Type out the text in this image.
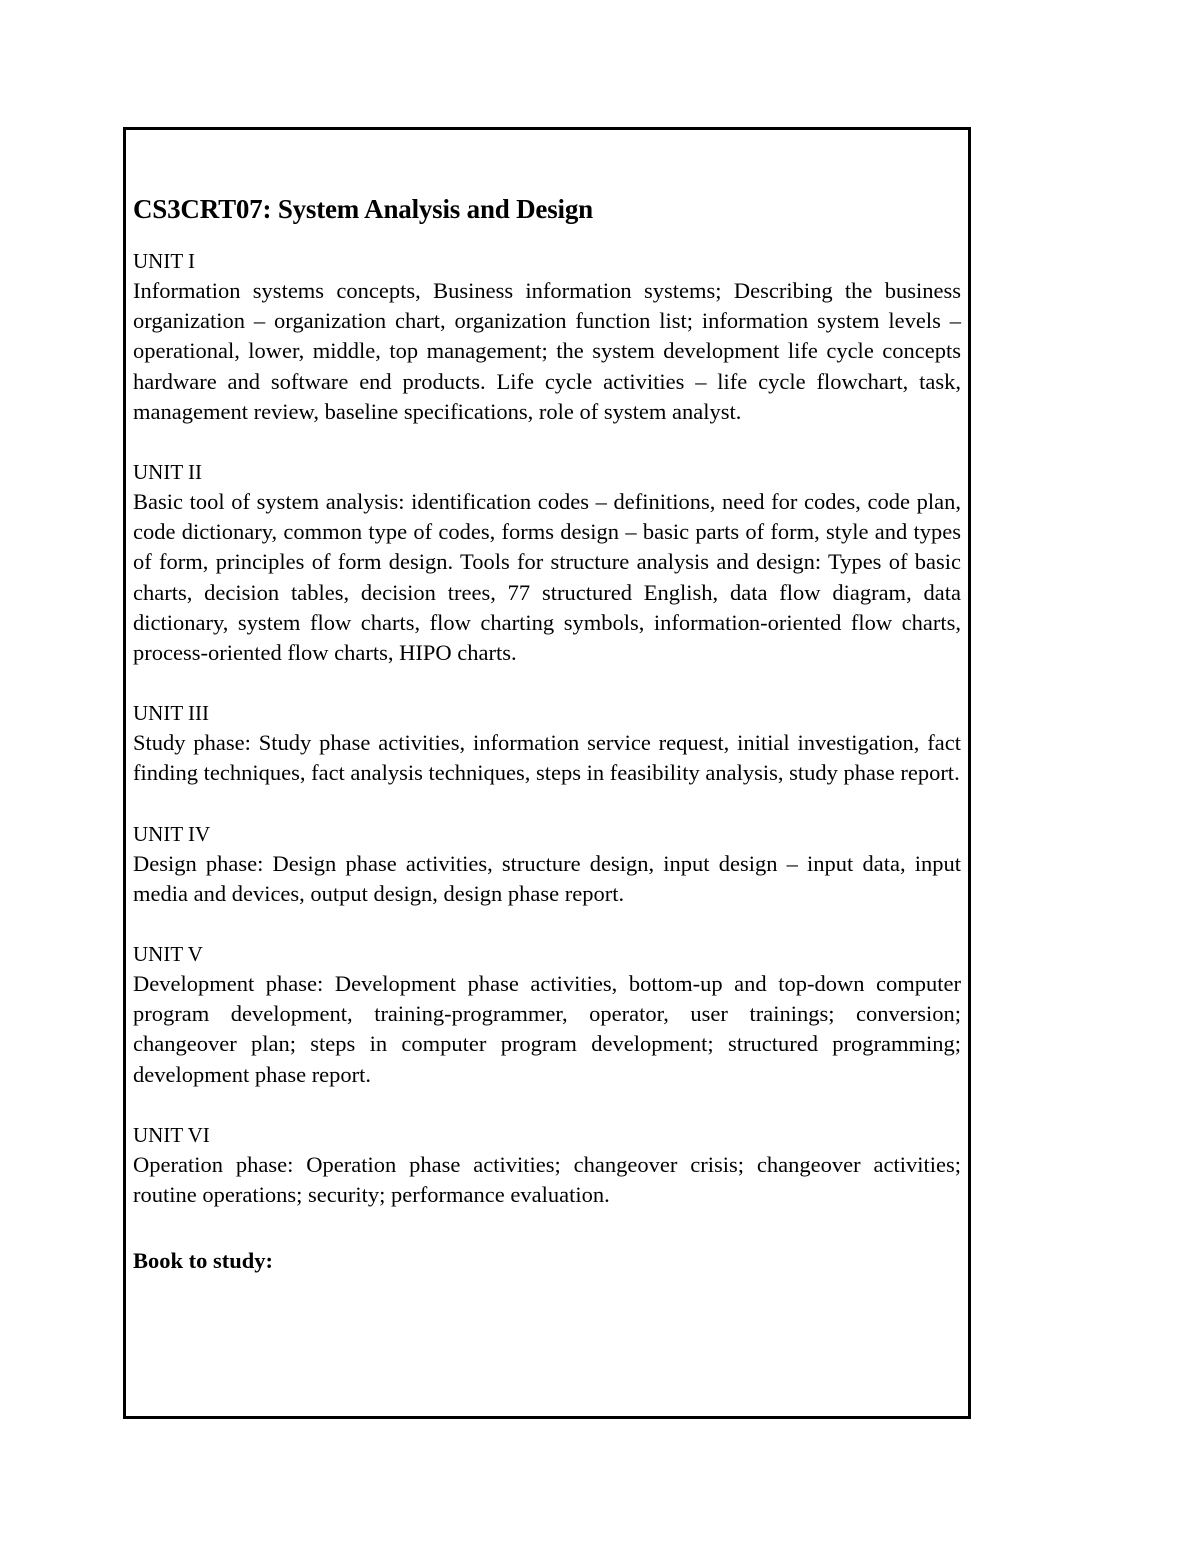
CS3CRT07: System Analysis and Design

UNIT I

Information systems concepts, Business information systems; Describing the business organization – organization chart, organization function list; information system levels – operational, lower, middle, top management; the system development life cycle concepts hardware and software end products. Life cycle activities – life cycle flowchart, task, management review, baseline specifications, role of system analyst.

UNIT II

Basic tool of system analysis: identification codes – definitions, need for codes, code plan, code dictionary, common type of codes, forms design – basic parts of form, style and types of form, principles of form design. Tools for structure analysis and design: Types of basic charts, decision tables, decision trees, 77 structured English, data flow diagram, data dictionary, system flow charts, flow charting symbols, information-oriented flow charts, process-oriented flow charts, HIPO charts.

UNIT III

Study phase: Study phase activities, information service request, initial investigation, fact finding techniques, fact analysis techniques, steps in feasibility analysis, study phase report.

UNIT IV

Design phase: Design phase activities, structure design, input design – input data, input media and devices, output design, design phase report.

UNIT V

Development phase: Development phase activities, bottom-up and top-down computer program development, training-programmer, operator, user trainings; conversion; changeover plan; steps in computer program development; structured programming; development phase report.

UNIT VI

Operation phase: Operation phase activities; changeover crisis; changeover activities; routine operations; security; performance evaluation.

Book to study:
